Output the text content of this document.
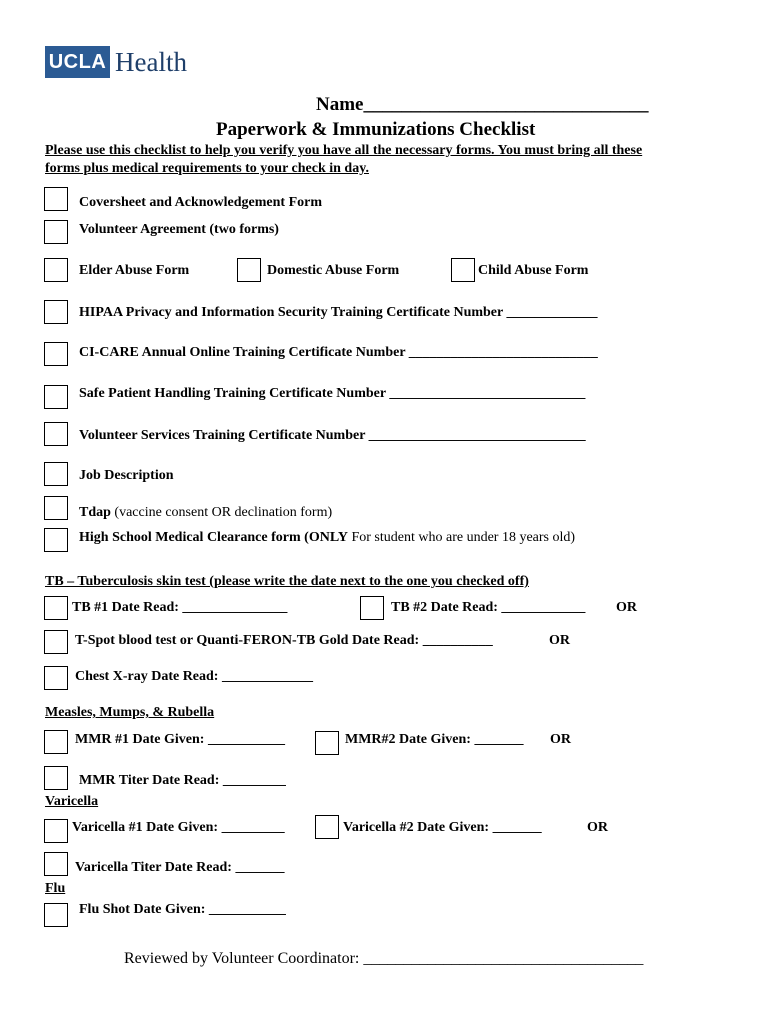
UCLA Health
Name______________________________
Paperwork & Immunizations Checklist
Please use this checklist to help you verify you have all the necessary forms. You must bring all these
forms plus medical requirements to your check in day.
Coversheet and Acknowledgement Form
Volunteer Agreement (two forms)
Elder Abuse Form	Domestic Abuse Form	Child Abuse Form
HIPAA Privacy and Information Security Training Certificate Number _____________
CI-CARE Annual Online Training Certificate Number ___________________________
Safe Patient Handling Training Certificate Number ____________________________
Volunteer Services Training Certificate Number _______________________________
Job Description
Tdap (vaccine consent OR declination form)
High School Medical Clearance form (ONLY For student who are under 18 years old)
TB – Tuberculosis skin test (please write the date next to the one you checked off)
TB #1 Date Read: _______________	TB #2 Date Read: ____________ OR
T-Spot blood test or Quanti-FERON-TB Gold Date Read: __________	OR
Chest X-ray Date Read: _____________
Measles, Mumps, & Rubella
MMR #1 Date Given: ___________	MMR#2 Date Given: _______ OR
MMR Titer Date Read: _________
Varicella
Varicella #1 Date Given: _________	Varicella #2 Date Given: _______	OR
Varicella Titer Date Read: _______
Flu
Flu Shot Date Given: ___________
Reviewed by Volunteer Coordinator: ___________________________________
